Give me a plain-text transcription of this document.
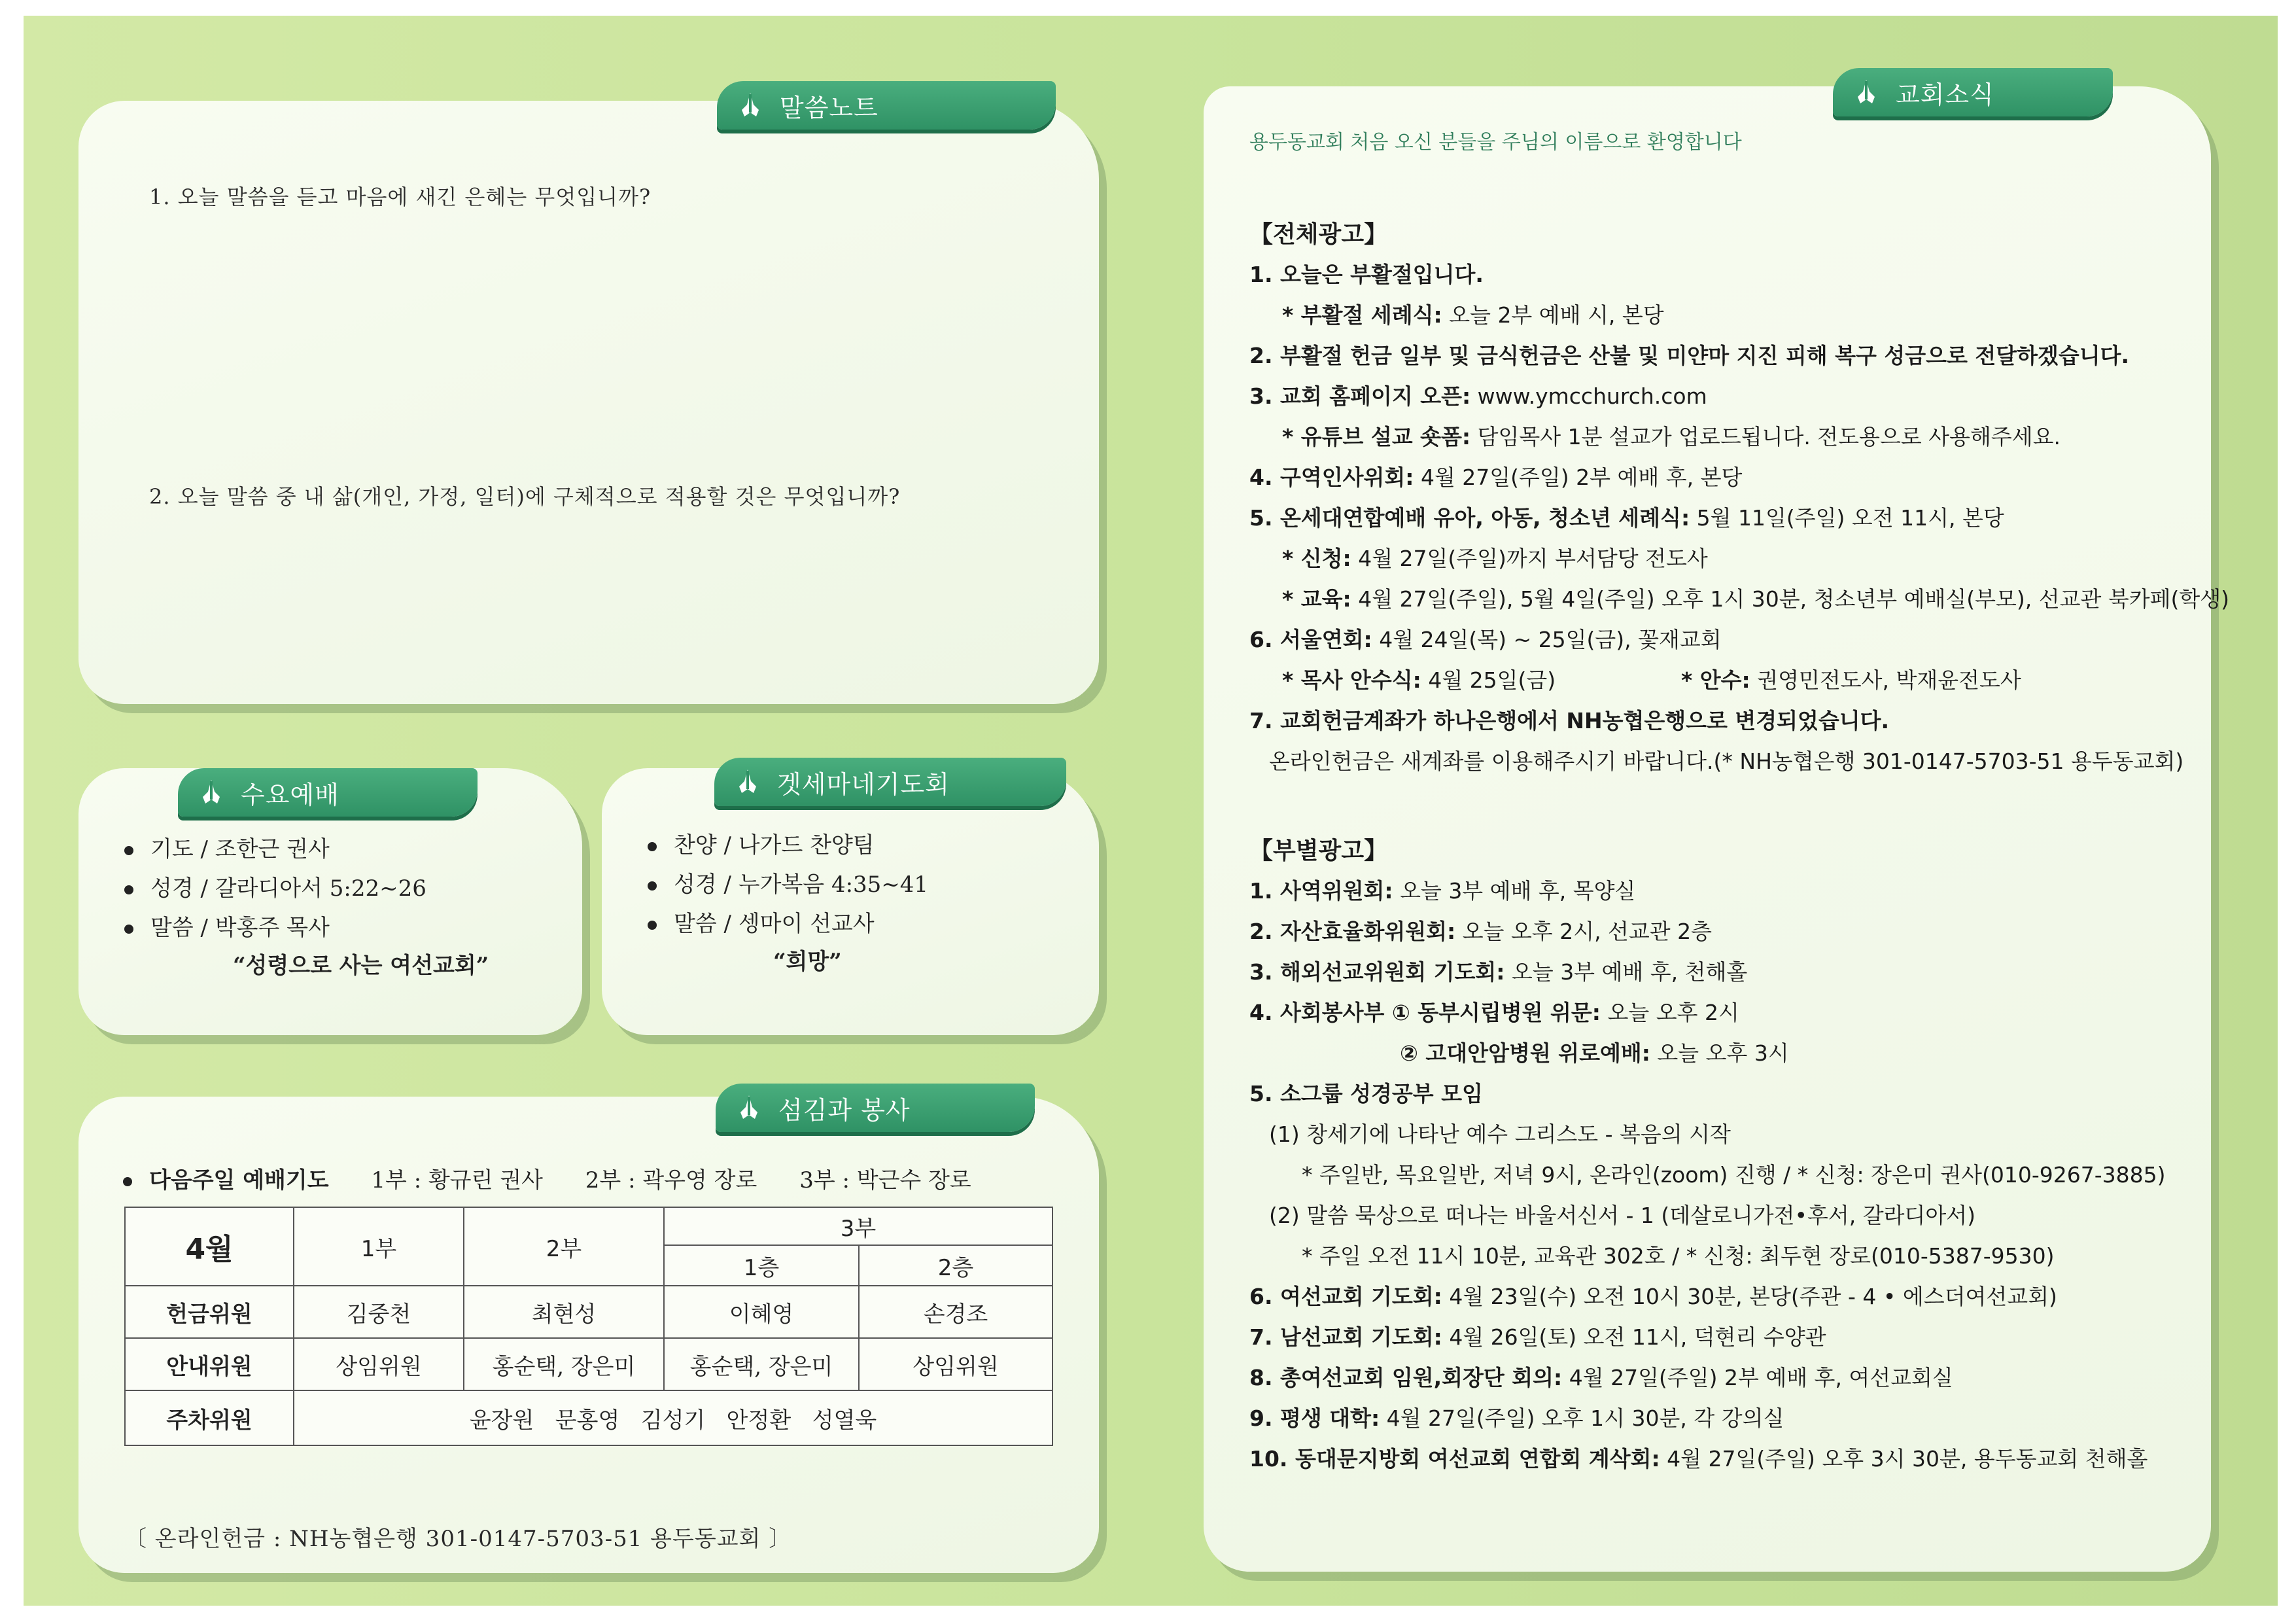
1. 오늘 말씀을 듣고 마음에 새긴 은혜는 무엇입니까?
2. 오늘 말씀 중 내 삶(개인, 가정, 일터)에 구체적으로 적용할 것은 무엇입니까?
말씀노트
기도 / 조한근 권사
성경 / 갈라디아서 5:22~26
말씀 / 박홍주 목사
“성령으로 사는 여선교회”
수요예배
찬양 / 나가드 찬양팀
성경 / 누가복음 4:35~41
말씀 / 셍마이 선교사
“희망”
겟세마네기도회
다음주일 예배기도 1부 : 황규린 권사 2부 : 곽우영 장로 3부 : 박근수 장로
4월	1부	2부	3부	
			1층	2층
헌금위원	김중천	최현성	이혜영	손경조
안내위원	상임위원	홍순택, 장은미	홍순택, 장은미	상임위원
주차위원	윤장원   문홍영   김성기   안정환   성열욱			
〔 온라인헌금 : NH농협은행 301-0147-5703-51 용두동교회 〕
섬김과 봉사
용두동교회 처음 오신 분들을 주님의 이름으로 환영합니다
【전체광고】
1. 오늘은 부활절입니다.
* 부활절 세례식: 오늘 2부 예배 시, 본당
2. 부활절 헌금 일부 및 금식헌금은 산불 및 미얀마 지진 피해 복구 성금으로 전달하겠습니다.
3. 교회 홈페이지 오픈: www.ymcchurch.com
* 유튜브 설교 숏폼: 담임목사 1분 설교가 업로드됩니다. 전도용으로 사용해주세요.
4. 구역인사위회: 4월 27일(주일) 2부 예배 후, 본당
5. 온세대연합예배 유아, 아동, 청소년 세례식: 5월 11일(주일) 오전 11시, 본당
* 신청: 4월 27일(주일)까지 부서담당 전도사
* 교육: 4월 27일(주일), 5월 4일(주일) 오후 1시 30분, 청소년부 예배실(부모), 선교관 북카페(학생)
6. 서울연회: 4월 24일(목) ~ 25일(금), 꽃재교회
* 목사 안수식: 4월 25일(금)	* 안수: 권영민전도사, 박재윤전도사
7. 교회헌금계좌가 하나은행에서 NH농협은행으로 변경되었습니다.
온라인헌금은 새계좌를 이용해주시기 바랍니다.(* NH농협은행 301-0147-5703-51 용두동교회)
【부별광고】
1. 사역위원회: 오늘 3부 예배 후, 목양실
2. 자산효율화위원회: 오늘 오후 2시, 선교관 2층
3. 해외선교위원회 기도회: 오늘 3부 예배 후, 천해홀
4. 사회봉사부 ① 동부시립병원 위문: 오늘 오후 2시
② 고대안암병원 위로예배: 오늘 오후 3시
5. 소그룹 성경공부 모임
(1) 창세기에 나타난 예수 그리스도 - 복음의 시작
* 주일반, 목요일반, 저녁 9시, 온라인(zoom) 진행 / * 신청: 장은미 권사(010-9267-3885)
(2) 말씀 묵상으로 떠나는 바울서신서 - 1 (데살로니가전•후서, 갈라디아서)
* 주일 오전 11시 10분, 교육관 302호 / * 신청: 최두현 장로(010-5387-9530)
6. 여선교회 기도회: 4월 23일(수) 오전 10시 30분, 본당(주관 - 4 • 에스더여선교회)
7. 남선교회 기도회: 4월 26일(토) 오전 11시, 덕현리 수양관
8. 총여선교회 임원,회장단 회의: 4월 27일(주일) 2부 예배 후, 여선교회실
9. 평생 대학: 4월 27일(주일) 오후 1시 30분, 각 강의실
10. 동대문지방회 여선교회 연합회 계삭회: 4월 27일(주일) 오후 3시 30분, 용두동교회 천해홀
교회소식
